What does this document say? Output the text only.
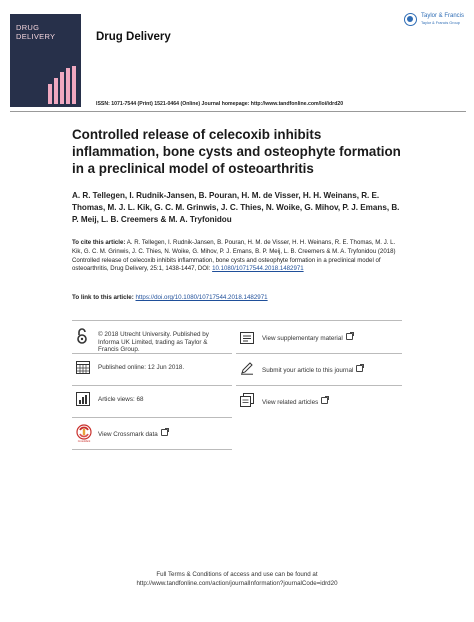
DRUG
DELIVERY	Drug Delivery
Taylor & Francis
Taylor & Francis Group
ISSN: 1071-7544 (Print) 1521-0464 (Online) Journal homepage: http://www.tandfonline.com/loi/idrd20
Controlled release of celecoxib inhibits inflammation, bone cysts and osteophyte formation in a preclinical model of osteoarthritis
A. R. Tellegen, I. Rudnik-Jansen, B. Pouran, H. M. de Visser, H. H. Weinans, R. E. Thomas, M. J. L. Kik, G. C. M. Grinwis, J. C. Thies, N. Woike, G. Mihov, P. J. Emans, B. P. Meij, L. B. Creemers & M. A. Tryfonidou
To cite this article: A. R. Tellegen, I. Rudnik-Jansen, B. Pouran, H. M. de Visser, H. H. Weinans, R. E. Thomas, M. J. L. Kik, G. C. M. Grinwis, J. C. Thies, N. Woike, G. Mihov, P. J. Emans, B. P. Meij, L. B. Creemers & M. A. Tryfonidou (2018) Controlled release of celecoxib inhibits inflammation, bone cysts and osteophyte formation in a preclinical model of osteoarthritis, Drug Delivery, 25:1, 1438-1447, DOI: 10.1080/10717544.2018.1482971
To link to this article: https://doi.org/10.1080/10717544.2018.1482971
© 2018 Utrecht University. Published by Informa UK Limited, trading as Taylor & Francis Group.
View supplementary material
Published online: 12 Jun 2018.	Submit your article to this journal
Article views: 68	View related articles
CrossMark
View Crossmark data
Full Terms & Conditions of access and use can be found at
http://www.tandfonline.com/action/journalInformation?journalCode=idrd20
